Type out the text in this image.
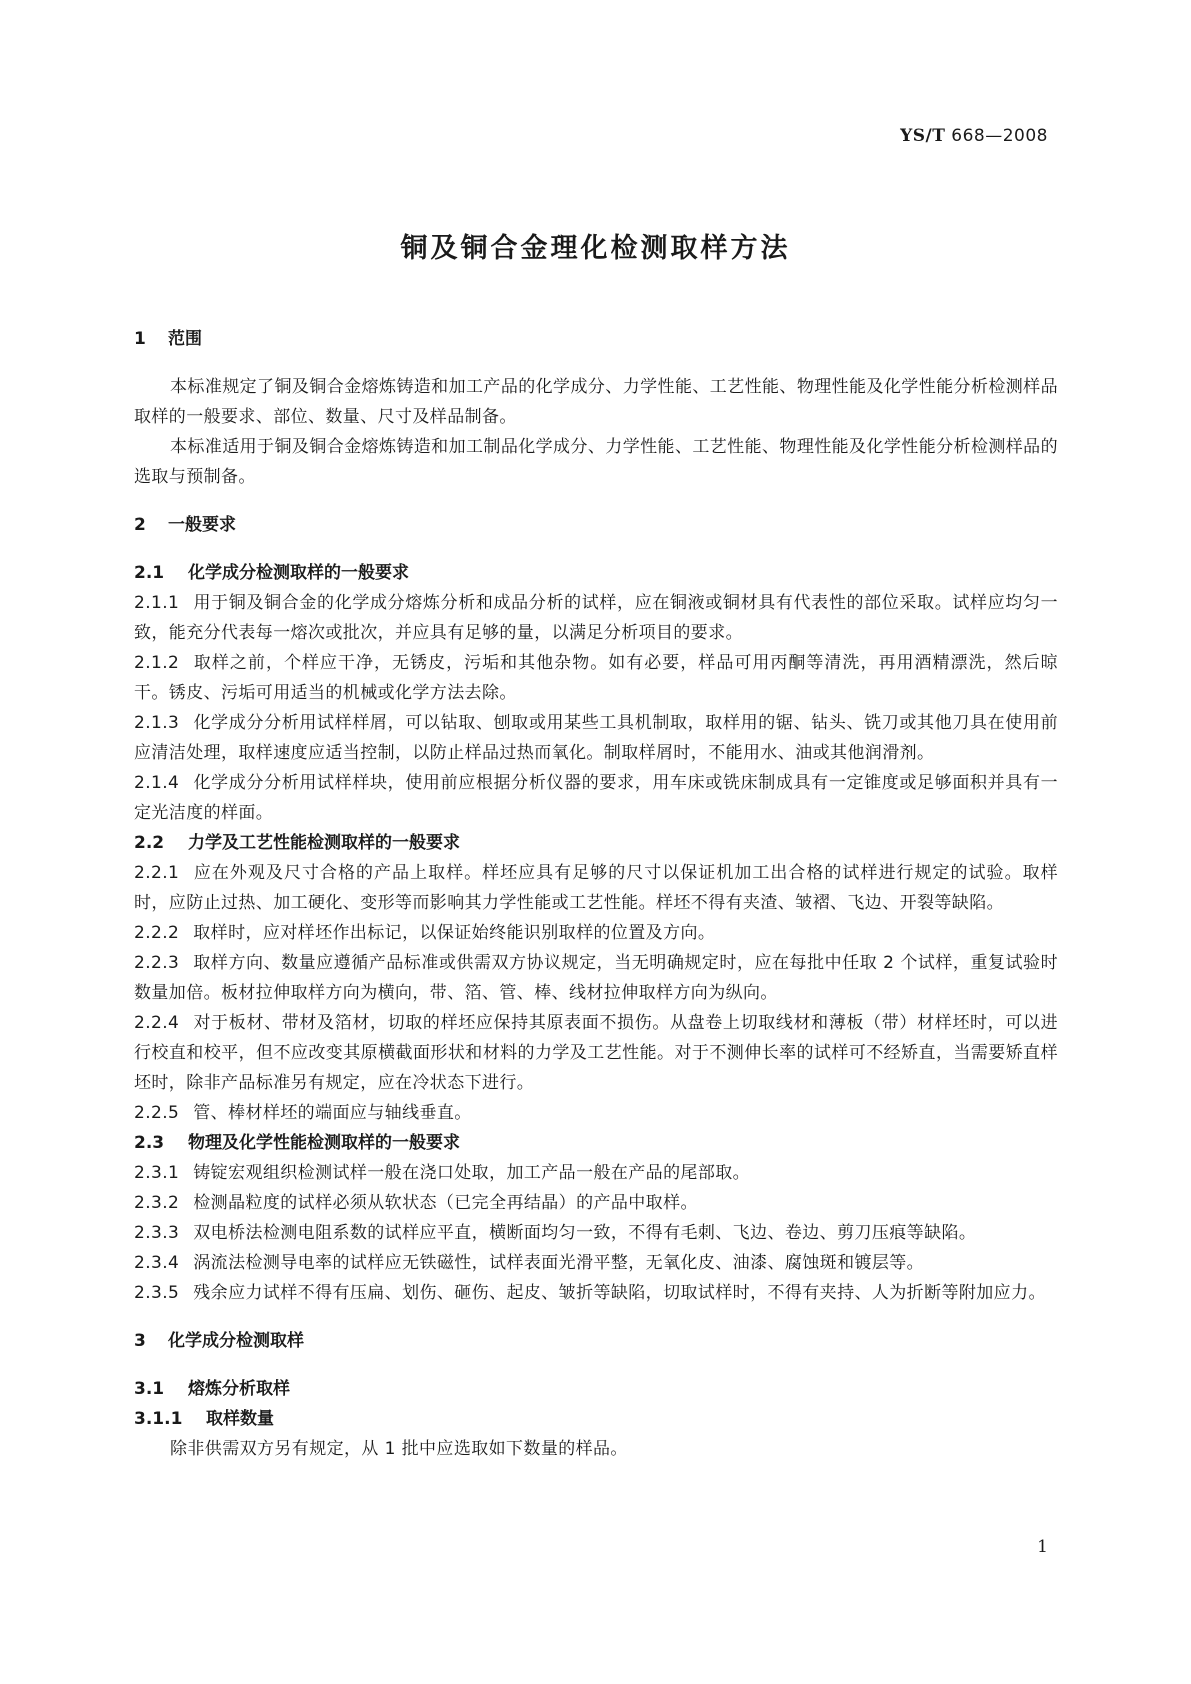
YS/T 668—2008
铜及铜合金理化检测取样方法
1 范围
本标准规定了铜及铜合金熔炼铸造和加工产品的化学成分、力学性能、工艺性能、物理性能及化学性能分析检测样品取样的一般要求、部位、数量、尺寸及样品制备。
本标准适用于铜及铜合金熔炼铸造和加工制品化学成分、力学性能、工艺性能、物理性能及化学性能分析检测样品的选取与预制备。
2 一般要求
2.1 化学成分检测取样的一般要求
2.1.1 用于铜及铜合金的化学成分熔炼分析和成品分析的试样，应在铜液或铜材具有代表性的部位采取。试样应均匀一致，能充分代表每一熔次或批次，并应具有足够的量，以满足分析项目的要求。
2.1.2 取样之前，个样应干净，无锈皮，污垢和其他杂物。如有必要，样品可用丙酮等清洗，再用酒精漂洗，然后晾干。锈皮、污垢可用适当的机械或化学方法去除。
2.1.3 化学成分分析用试样样屑，可以钻取、刨取或用某些工具机制取，取样用的锯、钻头、铣刀或其他刀具在使用前应清洁处理，取样速度应适当控制，以防止样品过热而氧化。制取样屑时，不能用水、油或其他润滑剂。
2.1.4 化学成分分析用试样样块，使用前应根据分析仪器的要求，用车床或铣床制成具有一定锥度或足够面积并具有一定光洁度的样面。
2.2 力学及工艺性能检测取样的一般要求
2.2.1 应在外观及尺寸合格的产品上取样。样坯应具有足够的尺寸以保证机加工出合格的试样进行规定的试验。取样时，应防止过热、加工硬化、变形等而影响其力学性能或工艺性能。样坯不得有夹渣、皱褶、飞边、开裂等缺陷。
2.2.2 取样时，应对样坯作出标记，以保证始终能识别取样的位置及方向。
2.2.3 取样方向、数量应遵循产品标准或供需双方协议规定，当无明确规定时，应在每批中任取 2 个试样，重复试验时数量加倍。板材拉伸取样方向为横向，带、箔、管、棒、线材拉伸取样方向为纵向。
2.2.4 对于板材、带材及箔材，切取的样坯应保持其原表面不损伤。从盘卷上切取线材和薄板（带）材样坯时，可以进行校直和校平，但不应改变其原横截面形状和材料的力学及工艺性能。对于不测伸长率的试样可不经矫直，当需要矫直样坯时，除非产品标准另有规定，应在冷状态下进行。
2.2.5 管、棒材样坯的端面应与轴线垂直。
2.3 物理及化学性能检测取样的一般要求
2.3.1 铸锭宏观组织检测试样一般在浇口处取，加工产品一般在产品的尾部取。
2.3.2 检测晶粒度的试样必须从软状态（已完全再结晶）的产品中取样。
2.3.3 双电桥法检测电阻系数的试样应平直，横断面均匀一致，不得有毛刺、飞边、卷边、剪刀压痕等缺陷。
2.3.4 涡流法检测导电率的试样应无铁磁性，试样表面光滑平整，无氧化皮、油漆、腐蚀斑和镀层等。
2.3.5 残余应力试样不得有压扁、划伤、砸伤、起皮、皱折等缺陷，切取试样时，不得有夹持、人为折断等附加应力。
3 化学成分检测取样
3.1 熔炼分析取样
3.1.1 取样数量
除非供需双方另有规定，从 1 批中应选取如下数量的样品。
1
